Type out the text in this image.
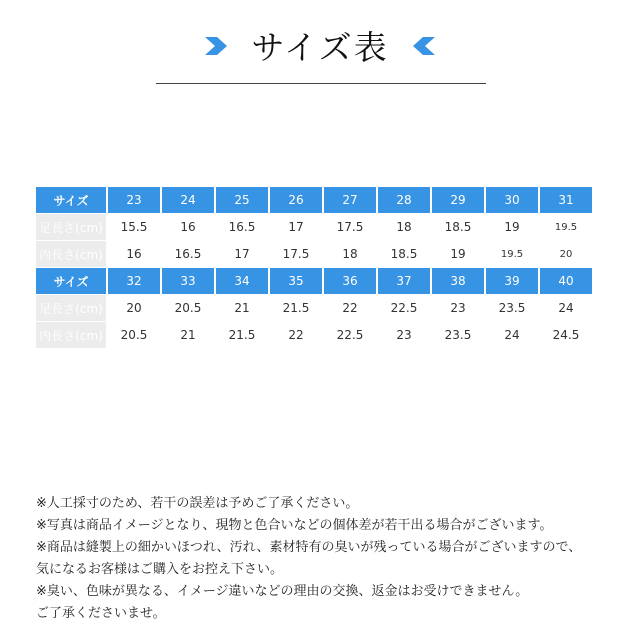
サイズ表
サイズ	23	24	25	26	27	28	29	30	31
足長さ(cm)	15.5	16	16.5	17	17.5	18	18.5	19	19.5
内長さ(cm)	16	16.5	17	17.5	18	18.5	19	19.5	20
サイズ	32	33	34	35	36	37	38	39	40
足長さ(cm)	20	20.5	21	21.5	22	22.5	23	23.5	24
内長さ(cm)	20.5	21	21.5	22	22.5	23	23.5	24	24.5
※人工採寸のため、若干の誤差は予めご了承ください。
※写真は商品イメージとなり、現物と色合いなどの個体差が若干出る場合がございます。
※商品は縫製上の細かいほつれ、汚れ、素材特有の臭いが残っている場合がございますので、
気になるお客様はご購入をお控え下さい。
※臭い、色味が異なる、イメージ違いなどの理由の交換、返金はお受けできません。
ご了承くださいませ。
